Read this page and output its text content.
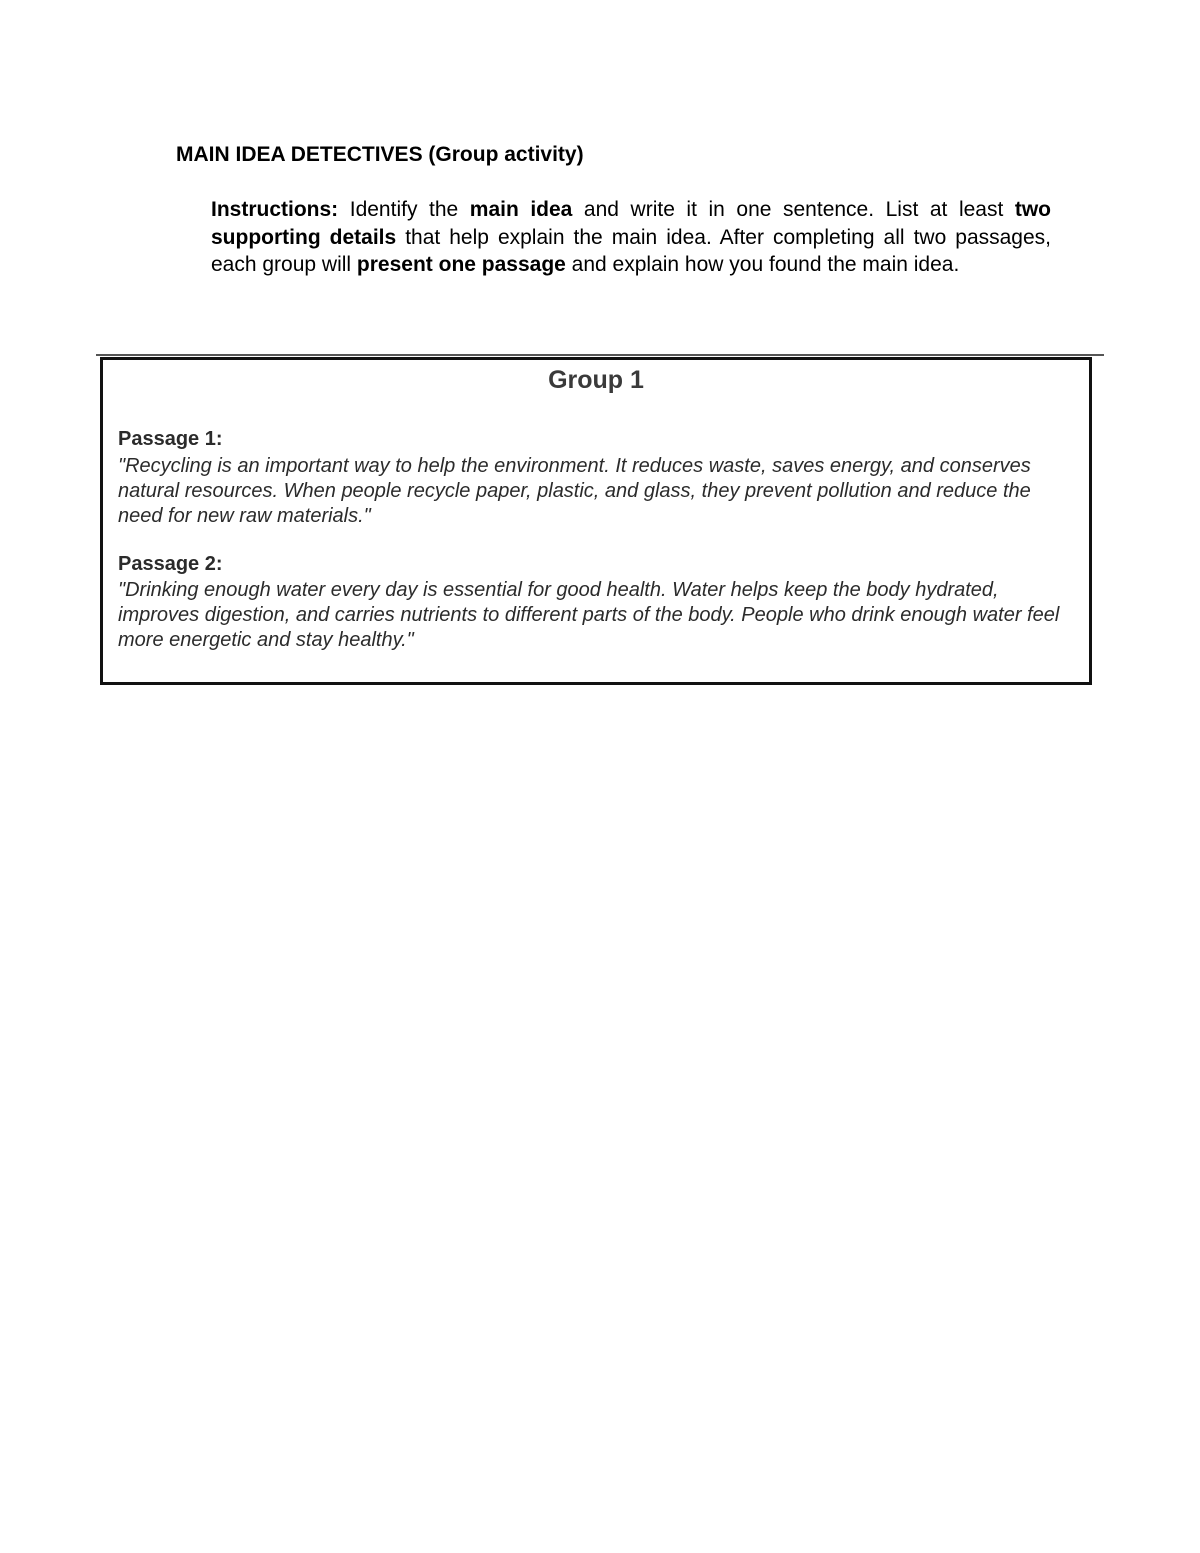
MAIN IDEA DETECTIVES (Group activity)
Instructions: Identify the main idea and write it in one sentence. List at least two supporting details that help explain the main idea. After completing all two passages, each group will present one passage and explain how you found the main idea.
Group 1
Passage 1:
"Recycling is an important way to help the environment. It reduces waste, saves energy, and conserves natural resources. When people recycle paper, plastic, and glass, they prevent pollution and reduce the need for new raw materials."
Passage 2:
"Drinking enough water every day is essential for good health. Water helps keep the body hydrated, improves digestion, and carries nutrients to different parts of the body. People who drink enough water feel more energetic and stay healthy."
